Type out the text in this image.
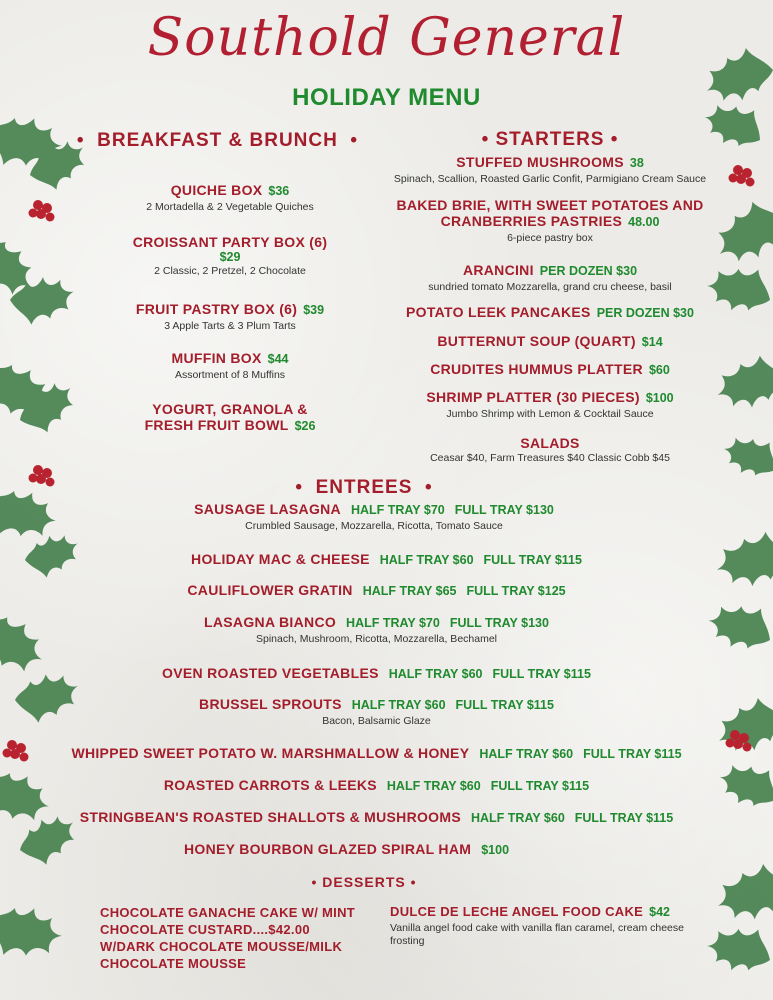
Southold General
HOLIDAY MENU
• BREAKFAST & BRUNCH •
QUICHE BOX $36
2 Mortadella & 2 Vegetable Quiches
CROISSANT PARTY BOX (6)
$29
2 Classic, 2 Pretzel, 2 Chocolate
FRUIT PASTRY BOX (6) $39
3 Apple Tarts & 3 Plum Tarts
MUFFIN BOX $44
Assortment of 8 Muffins
YOGURT, GRANOLA &
FRESH FRUIT BOWL $26
• STARTERS •
STUFFED MUSHROOMS 38
Spinach, Scallion, Roasted Garlic Confit, Parmigiano Cream Sauce
BAKED BRIE, WITH SWEET POTATOES AND
CRANBERRIES PASTRIES 48.00
6-piece pastry box
ARANCINI PER DOZEN $30
sundried tomato Mozzarella, grand cru cheese, basil
POTATO LEEK PANCAKES PER DOZEN $30
BUTTERNUT SOUP (QUART) $14
CRUDITES HUMMUS PLATTER $60
SHRIMP PLATTER (30 PIECES) $100
Jumbo Shrimp with Lemon & Cocktail Sauce
SALADS
Ceasar $40, Farm Treasures $40 Classic Cobb $45
• ENTREES •
SAUSAGE LASAGNA HALF TRAY $70 FULL TRAY $130
Crumbled Sausage, Mozzarella, Ricotta, Tomato Sauce
HOLIDAY MAC & CHEESE HALF TRAY $60 FULL TRAY $115
CAULIFLOWER GRATIN HALF TRAY $65 FULL TRAY $125
LASAGNA BIANCO HALF TRAY $70 FULL TRAY $130
Spinach, Mushroom, Ricotta, Mozzarella, Bechamel
OVEN ROASTED VEGETABLES HALF TRAY $60 FULL TRAY $115
BRUSSEL SPROUTS HALF TRAY $60 FULL TRAY $115
Bacon, Balsamic Glaze
WHIPPED SWEET POTATO W. MARSHMALLOW & HONEY HALF TRAY $60 FULL TRAY $115
ROASTED CARROTS & LEEKS HALF TRAY $60 FULL TRAY $115
STRINGBEAN'S ROASTED SHALLOTS & MUSHROOMS HALF TRAY $60 FULL TRAY $115
HONEY BOURBON GLAZED SPIRAL HAM $100
• DESSERTS •
CHOCOLATE GANACHE CAKE W/ MINT
CHOCOLATE CUSTARD....$42.00
W/DARK CHOCOLATE MOUSSE/MILK
CHOCOLATE MOUSSE
DULCE DE LECHE ANGEL FOOD CAKE $42
Vanilla angel food cake with vanilla flan caramel, cream cheese
frosting
